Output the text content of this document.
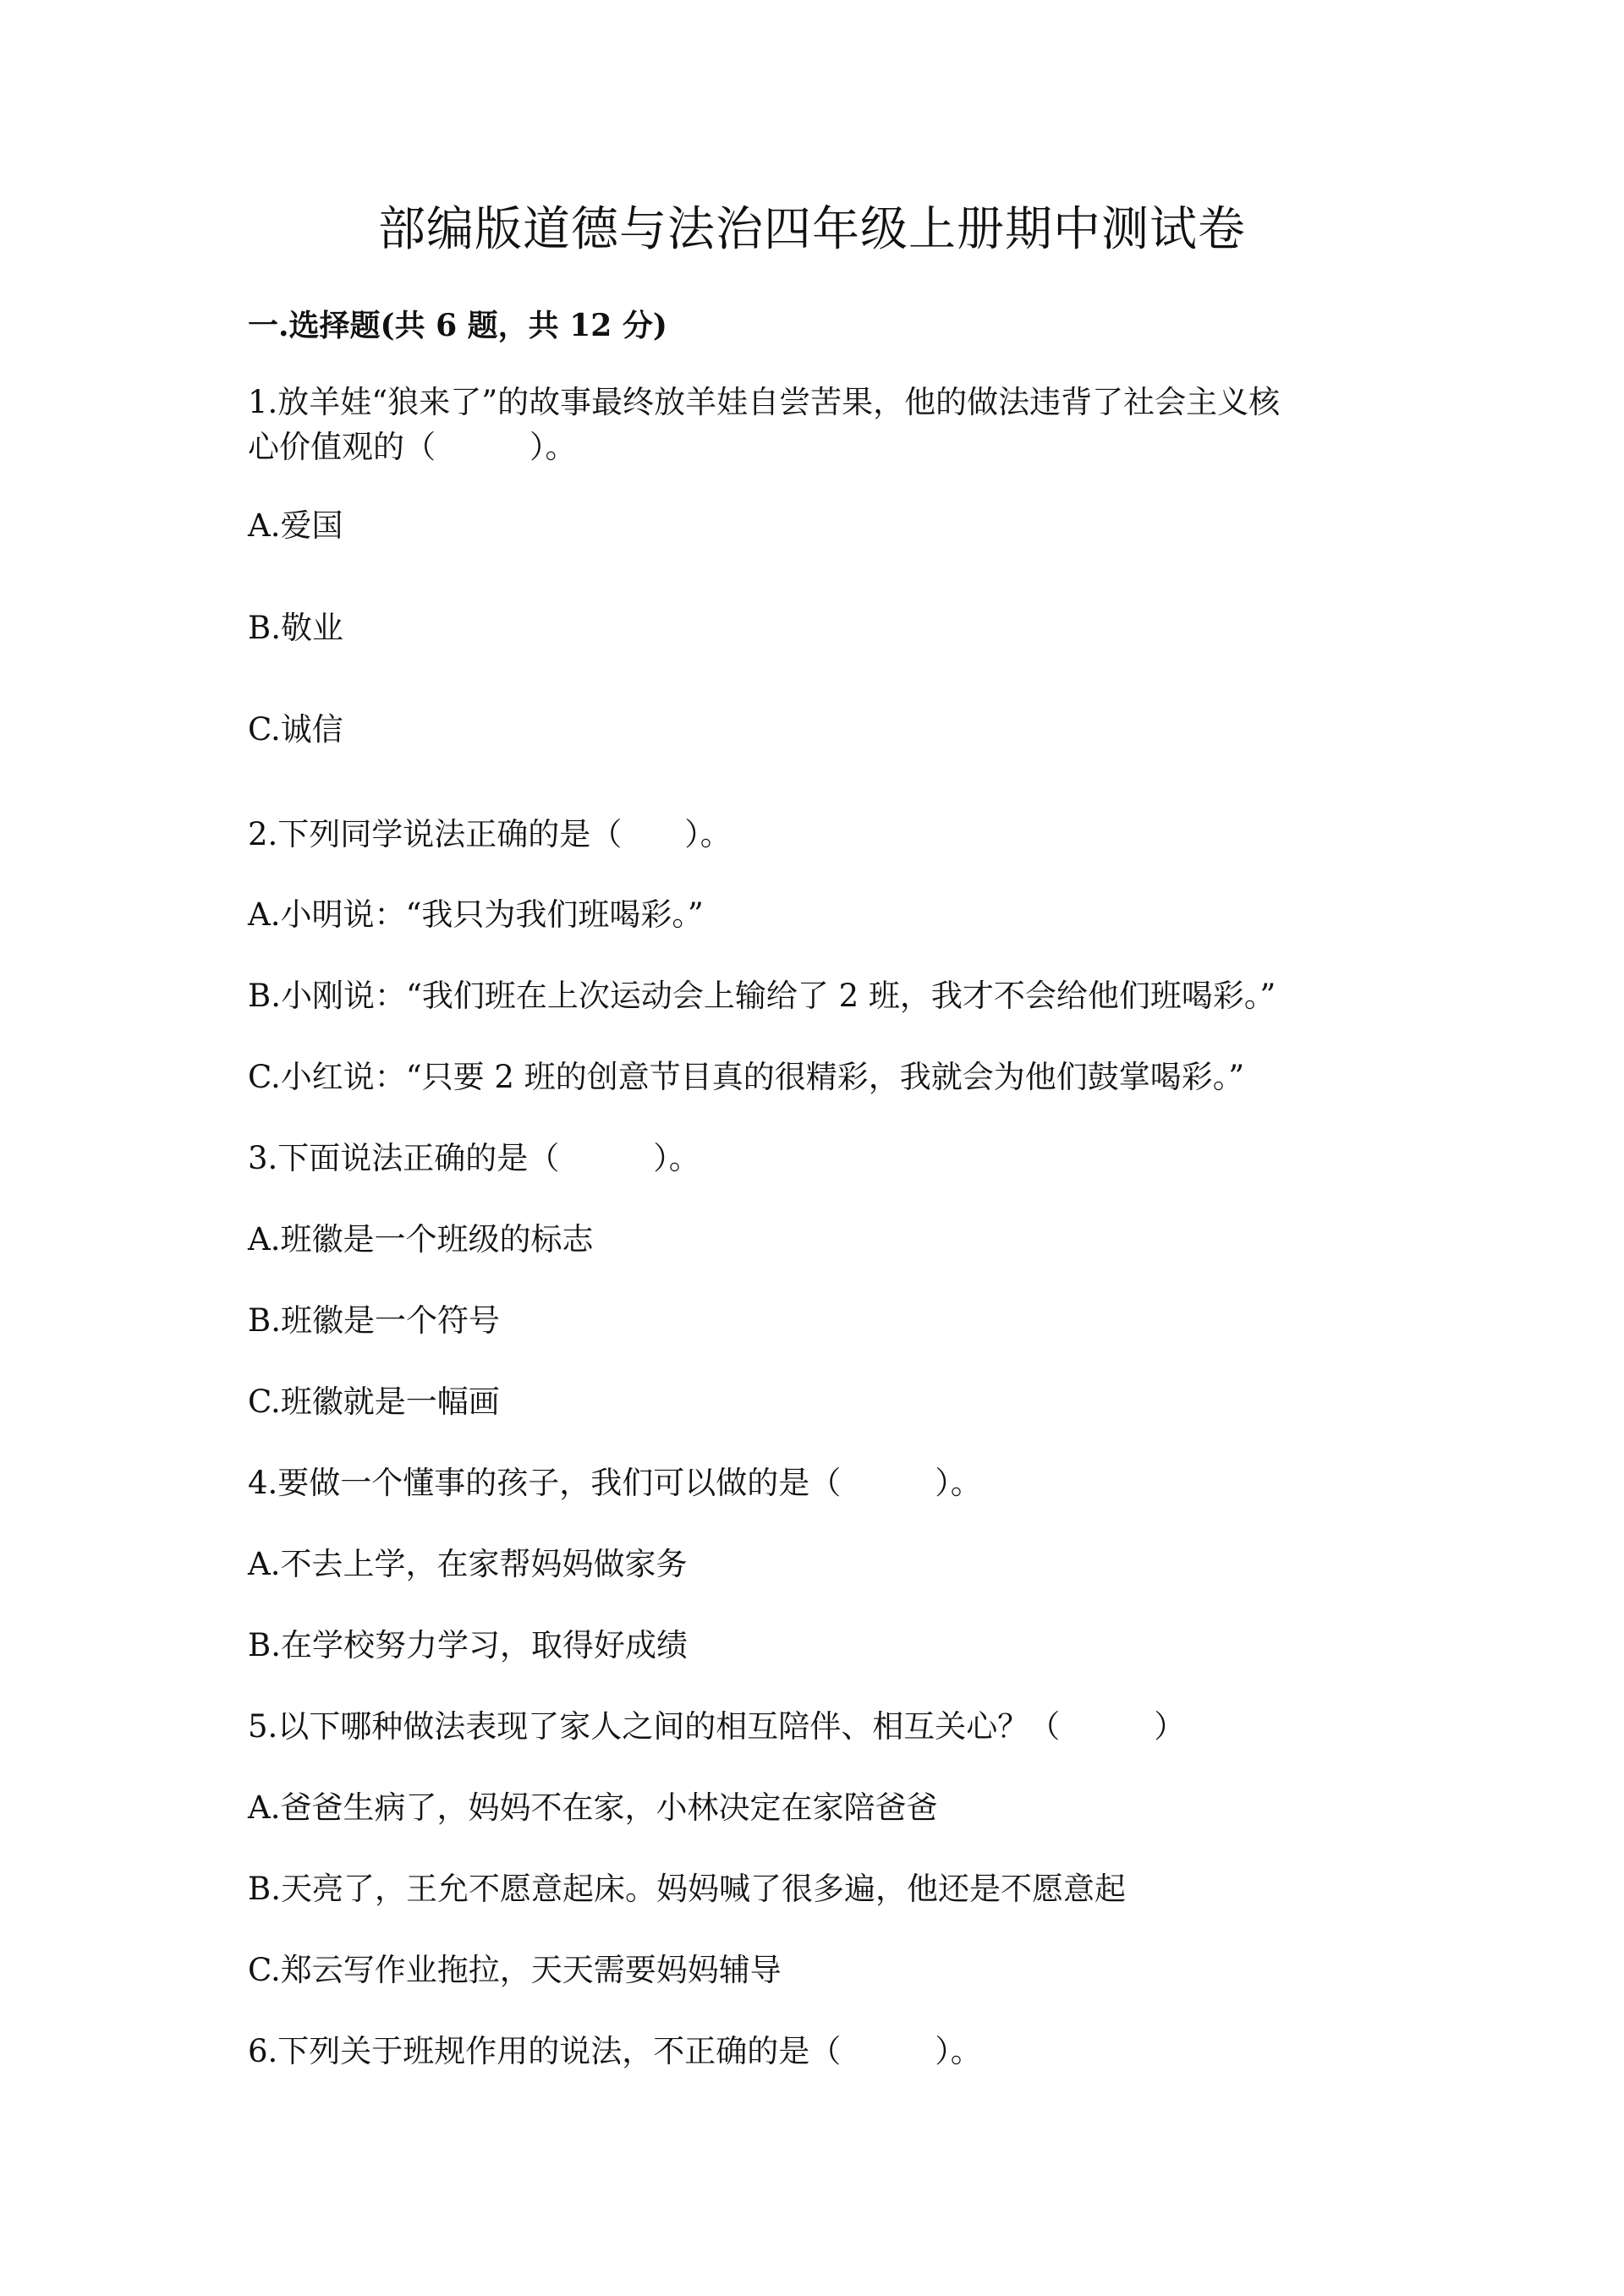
部编版道德与法治四年级上册期中测试卷

一.选择题(共 6 题，共 12 分)

1.放羊娃“狼来了”的故事最终放羊娃自尝苦果，他的做法违背了社会主义核

心价值观的（　　　）。

A.爱国

B.敬业

C.诚信

2.下列同学说法正确的是（　　）。

A.小明说：“我只为我们班喝彩。”

B.小刚说：“我们班在上次运动会上输给了 2 班，我才不会给他们班喝彩。”

C.小红说：“只要 2 班的创意节目真的很精彩，我就会为他们鼓掌喝彩。”

3.下面说法正确的是（　　　）。

A.班徽是一个班级的标志

B.班徽是一个符号

C.班徽就是一幅画

4.要做一个懂事的孩子，我们可以做的是（　　　）。

A.不去上学，在家帮妈妈做家务

B.在学校努力学习，取得好成绩

5.以下哪种做法表现了家人之间的相互陪伴、相互关心？（　　　）

A.爸爸生病了，妈妈不在家，小林决定在家陪爸爸

B.天亮了，王允不愿意起床。妈妈喊了很多遍，他还是不愿意起

C.郑云写作业拖拉，天天需要妈妈辅导

6.下列关于班规作用的说法，不正确的是（　　　）。
